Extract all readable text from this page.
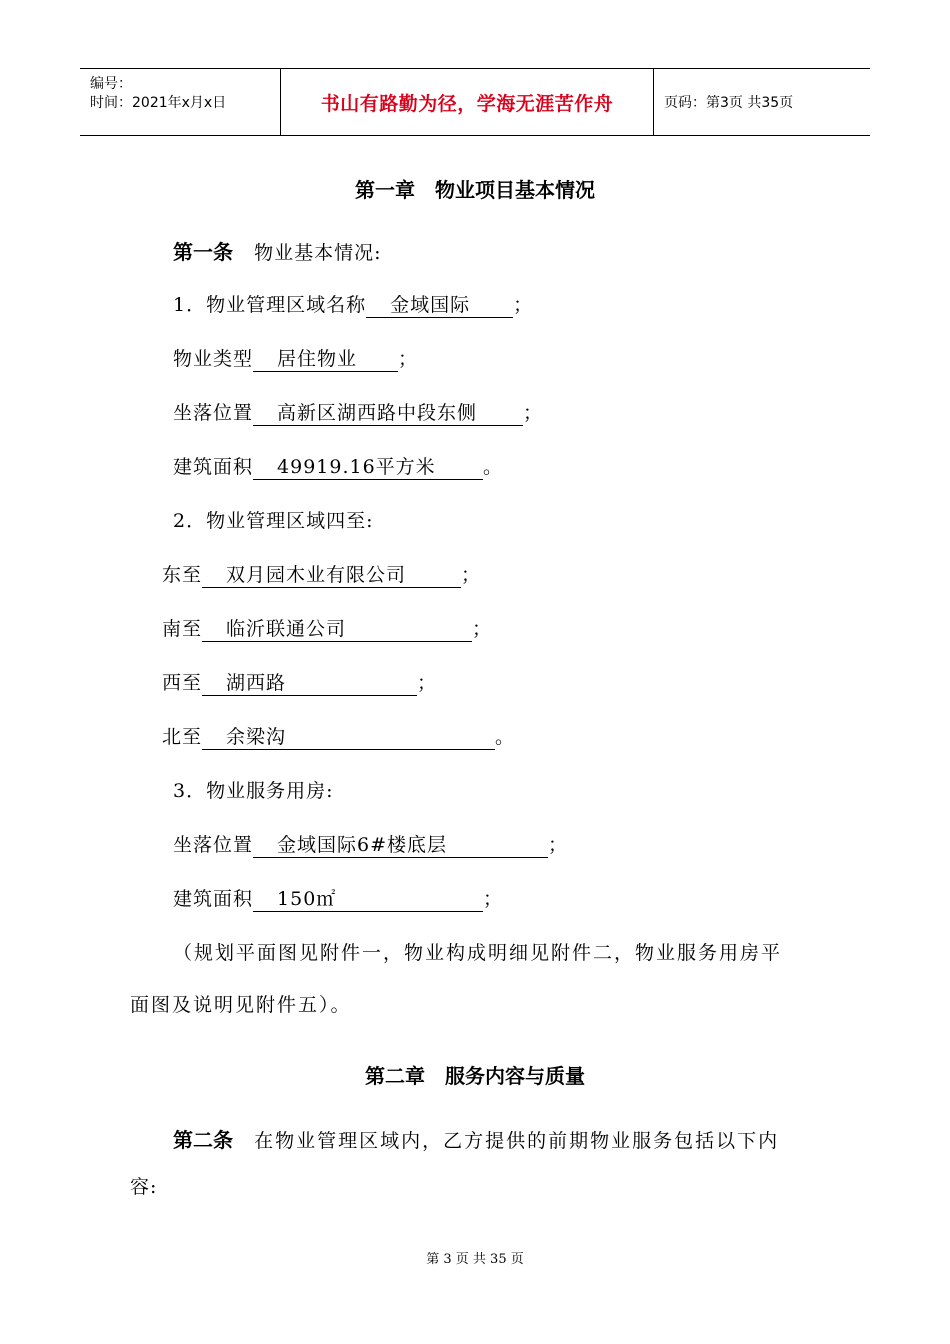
编号：
时间：2021年x月x日	书山有路勤为径，学海无涯苦作舟	页码：第3页 共35页
第一章　物业项目基本情况
第一条 物业基本情况:
1．物业管理区域名称 金域国际 ；
物业类型 居住物业 ；
坐落位置 高新区湖西路中段东侧 ；
建筑面积 49919.16平方米 。
2．物业管理区域四至:
东至 双月园木业有限公司	；
南至 临沂联通公司	；
西至 湖西路	；
北至 余梁沟	。
3．物业服务用房:
坐落位置 金域国际6#楼底层	；
建筑面积 150㎡	；
（规划平面图见附件一，物业构成明细见附件二，物业服务用房平
面图及说明见附件五）。
第二章　服务内容与质量
第二条 在物业管理区域内，乙方提供的前期物业服务包括以下内
容:
第 3 页 共 35 页
